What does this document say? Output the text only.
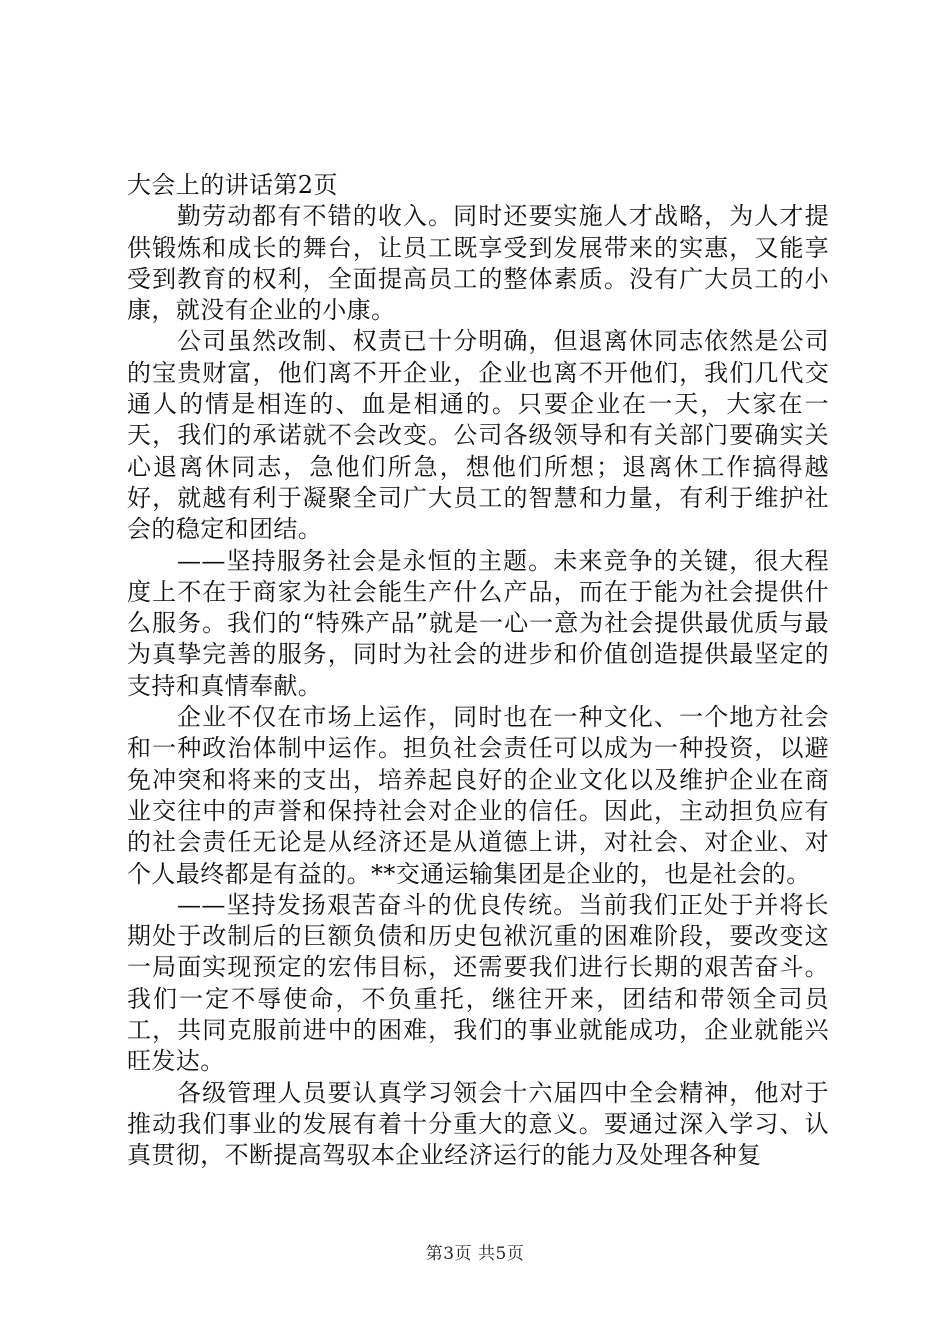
大会上的讲话第2页

勤劳动都有不错的收入。同时还要实施人才战略，为人才提供锻炼和成长的舞台，让员工既享受到发展带来的实惠，又能享受到教育的权利，全面提高员工的整体素质。没有广大员工的小康，就没有企业的小康。

公司虽然改制、权责已十分明确，但退离休同志依然是公司的宝贵财富，他们离不开企业，企业也离不开他们，我们几代交通人的情是相连的、血是相通的。只要企业在一天，大家在一天，我们的承诺就不会改变。公司各级领导和有关部门要确实关心退离休同志，急他们所急，想他们所想；退离休工作搞得越好，就越有利于凝聚全司广大员工的智慧和力量，有利于维护社会的稳定和团结。

——坚持服务社会是永恒的主题。未来竞争的关键，很大程度上不在于商家为社会能生产什么产品，而在于能为社会提供什么服务。我们的“特殊产品”就是一心一意为社会提供最优质与最为真挚完善的服务，同时为社会的进步和价值创造提供最坚定的支持和真情奉献。

企业不仅在市场上运作，同时也在一种文化、一个地方社会和一种政治体制中运作。担负社会责任可以成为一种投资，以避免冲突和将来的支出，培养起良好的企业文化以及维护企业在商业交往中的声誉和保持社会对企业的信任。因此，主动担负应有的社会责任无论是从经济还是从道德上讲，对社会、对企业、对个人最终都是有益的。**交通运输集团是企业的，也是社会的。

——坚持发扬艰苦奋斗的优良传统。当前我们正处于并将长期处于改制后的巨额负债和历史包袱沉重的困难阶段，要改变这一局面实现预定的宏伟目标，还需要我们进行长期的艰苦奋斗。我们一定不辱使命，不负重托，继往开来，团结和带领全司员工，共同克服前进中的困难，我们的事业就能成功，企业就能兴旺发达。

各级管理人员要认真学习领会十六届四中全会精神，他对于推动我们事业的发展有着十分重大的意义。要通过深入学习、认真贯彻，不断提高驾驭本企业经济运行的能力及处理各种复

第3页 共5页
